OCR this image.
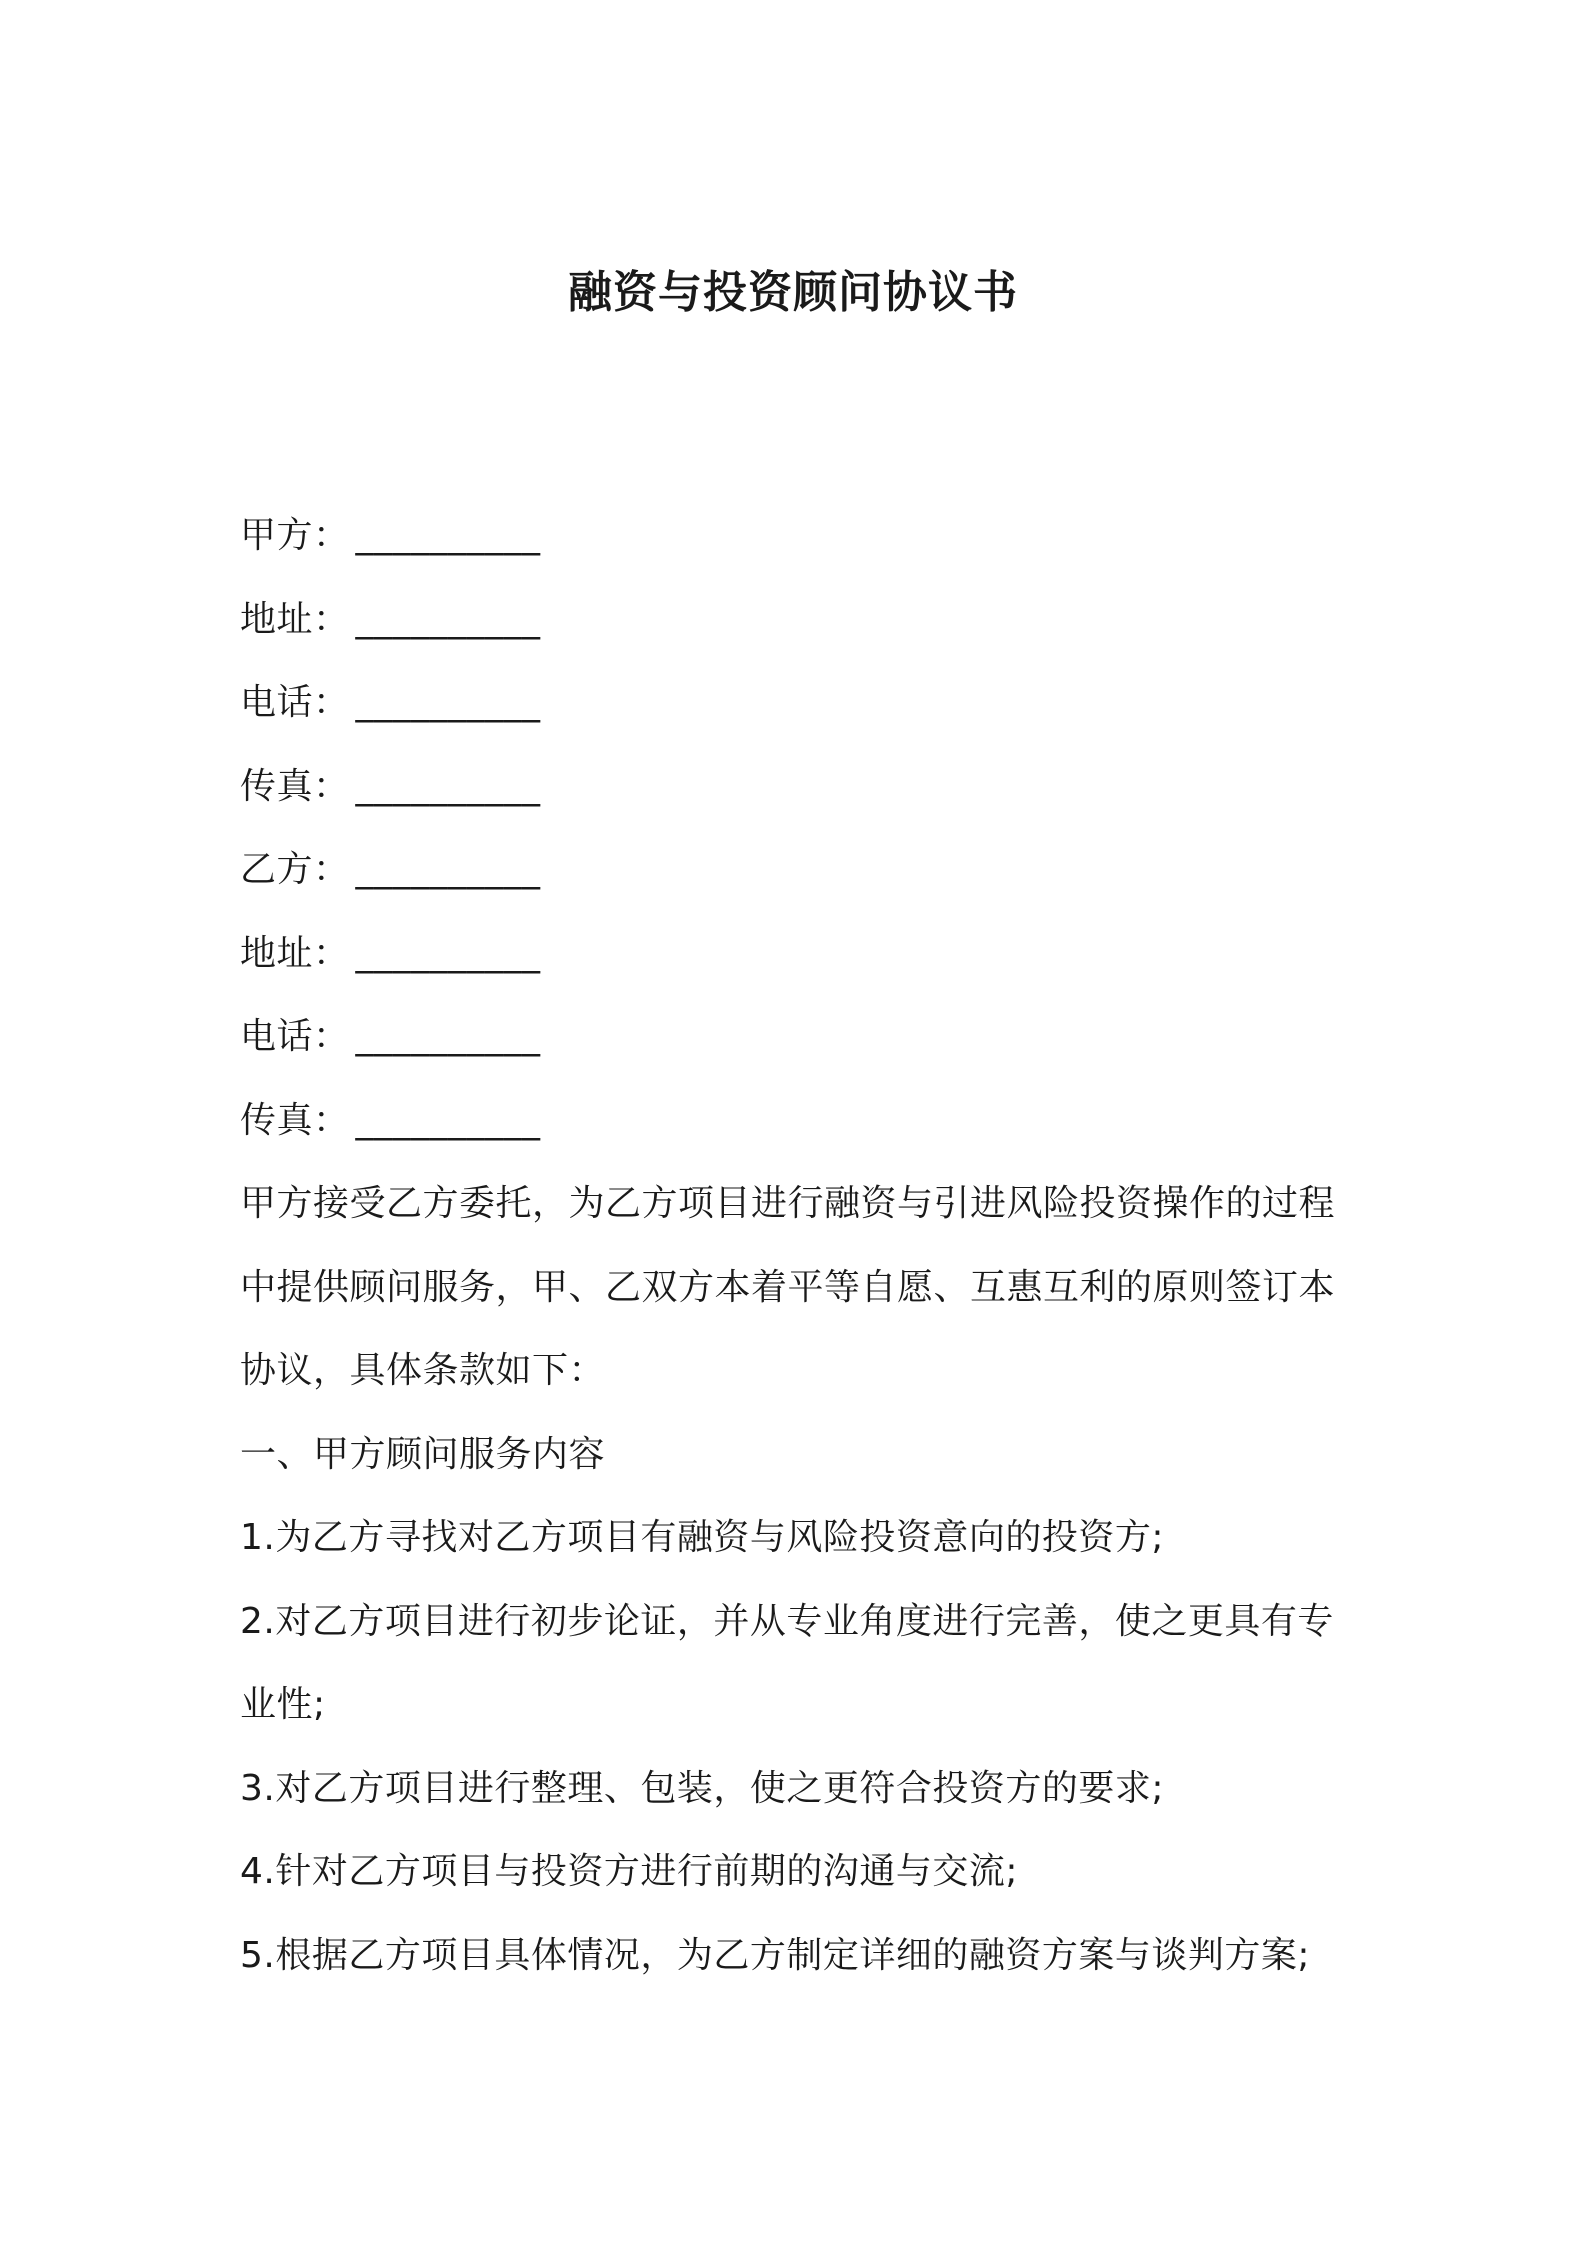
融资与投资顾问协议书
甲方： __________
地址： __________
电话： __________
传真： __________
乙方： __________
地址： __________
电话： __________
传真： __________
甲方接受乙方委托，为乙方项目进行融资与引进风险投资操作的过程
中提供顾问服务，甲、乙双方本着平等自愿、互惠互利的原则签订本
协议，具体条款如下：
一、甲方顾问服务内容
1.为乙方寻找对乙方项目有融资与风险投资意向的投资方;
2.对乙方项目进行初步论证，并从专业角度进行完善，使之更具有专
业性;
3.对乙方项目进行整理、包装，使之更符合投资方的要求;
4.针对乙方项目与投资方进行前期的沟通与交流;
5.根据乙方项目具体情况，为乙方制定详细的融资方案与谈判方案;
